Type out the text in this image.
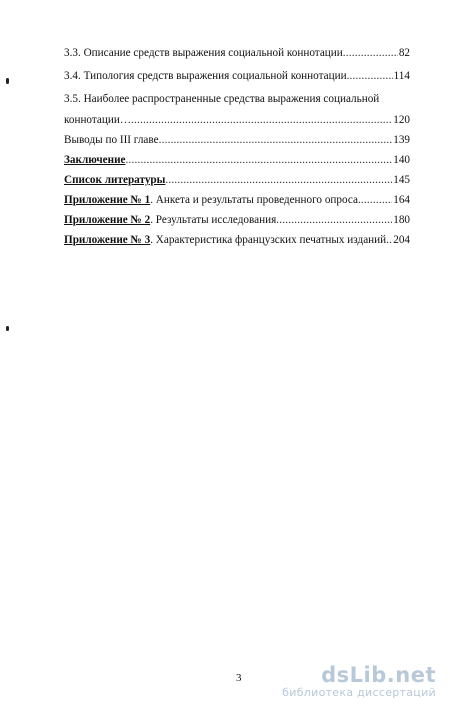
3.3. Описание средств выражения социальной коннотации .....	82
3.4. Типология средств выражения социальной коннотации .....	114
3.5. Наиболее распространенные средства выражения социальной
коннотации… .....	120
Выводы по III главе .....	139
Заключение .....	140
Список литературы .....	145
Приложение № 1. Анкета и результаты проведенного опроса .....	164
Приложение № 2. Результаты исследования .....	180
Приложение № 3. Характеристика французских печатных изданий ..... 204
3	dsLib.net
библиотека диссертаций
